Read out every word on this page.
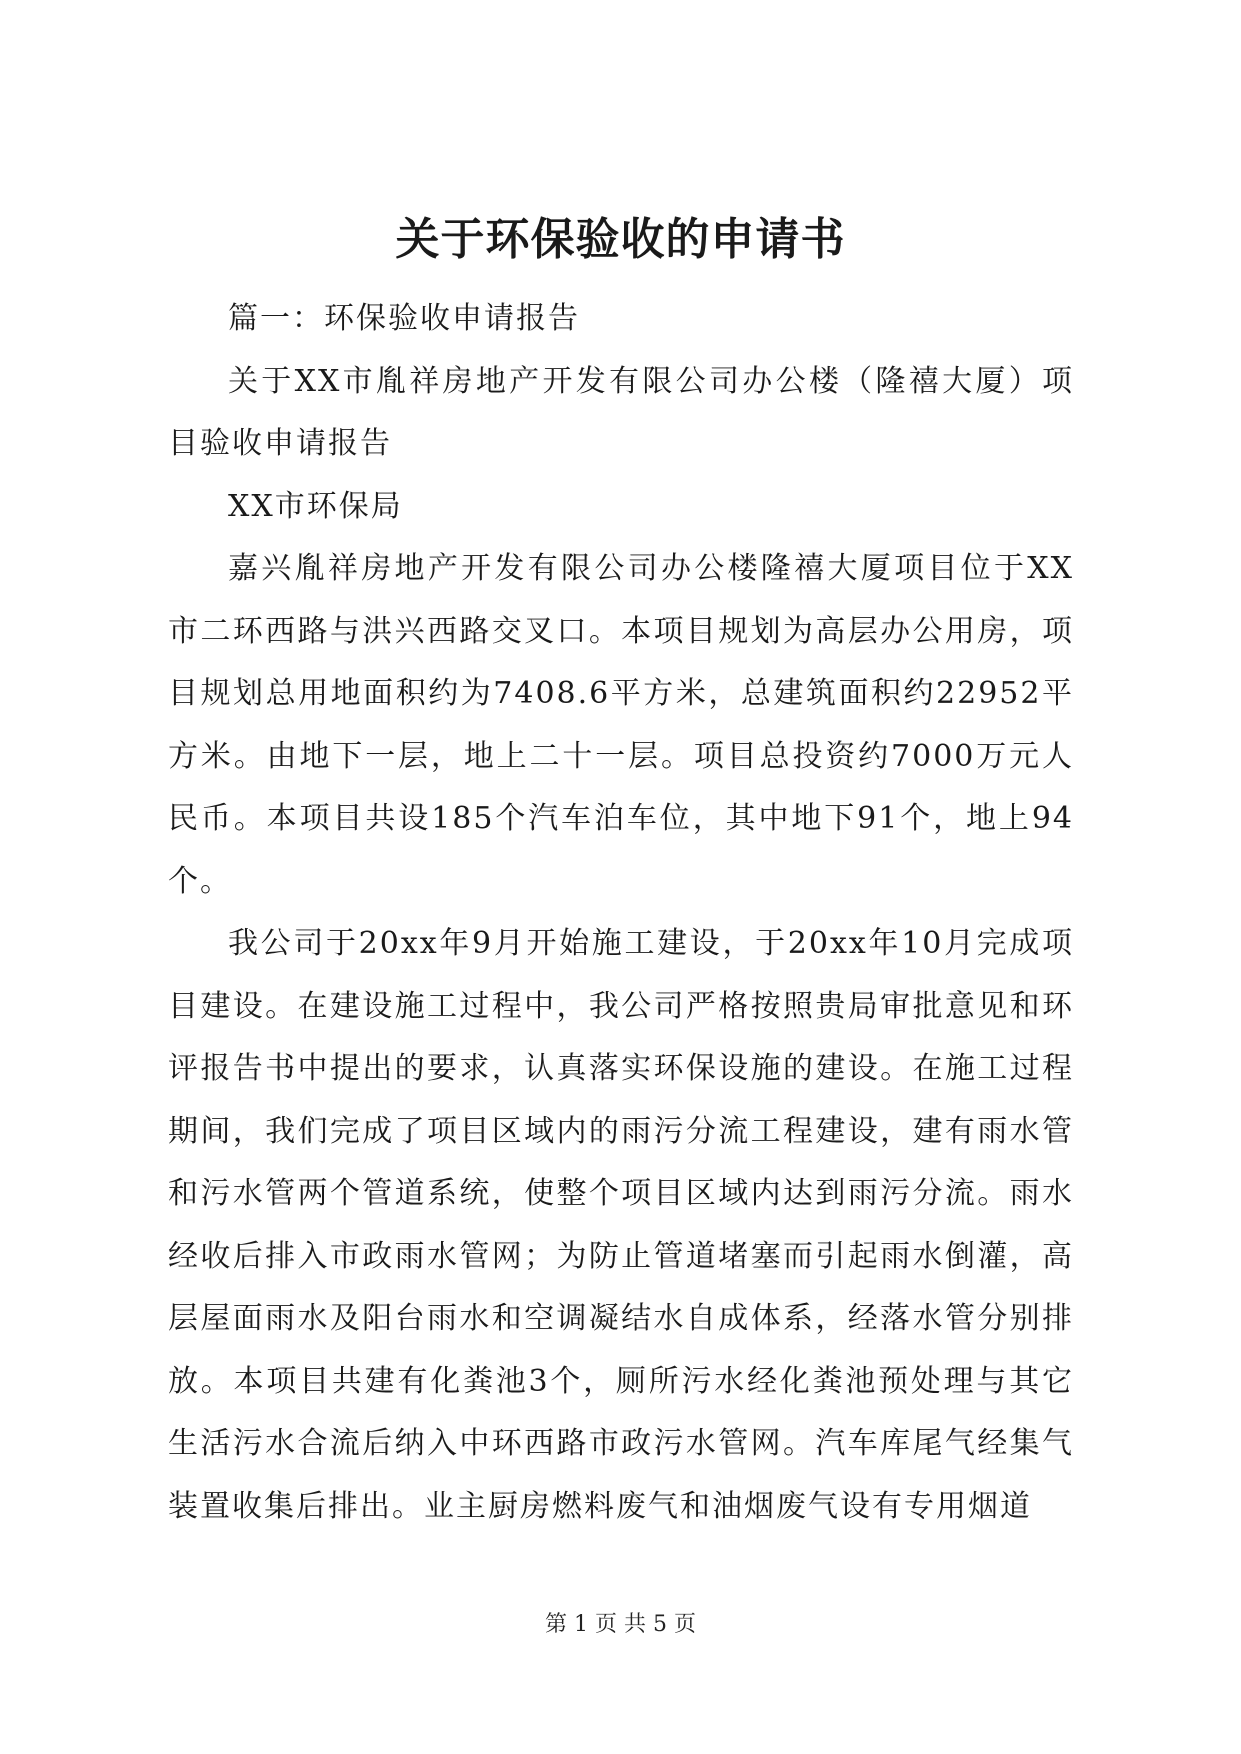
关于环保验收的申请书

篇一：环保验收申请报告

关于XX市胤祥房地产开发有限公司办公楼（隆禧大厦）项目验收申请报告

XX市环保局

嘉兴胤祥房地产开发有限公司办公楼隆禧大厦项目位于XX市二环西路与洪兴西路交叉口。本项目规划为高层办公用房，项目规划总用地面积约为7408.6平方米，总建筑面积约22952平方米。由地下一层，地上二十一层。项目总投资约7000万元人民币。本项目共设185个汽车泊车位，其中地下91个，地上94个。

我公司于20xx年9月开始施工建设，于20xx年10月完成项目建设。在建设施工过程中，我公司严格按照贵局审批意见和环评报告书中提出的要求，认真落实环保设施的建设。在施工过程期间，我们完成了项目区域内的雨污分流工程建设，建有雨水管和污水管两个管道系统，使整个项目区域内达到雨污分流。雨水经收后排入市政雨水管网；为防止管道堵塞而引起雨水倒灌，高层屋面雨水及阳台雨水和空调凝结水自成体系，经落水管分别排放。本项目共建有化粪池3个，厕所污水经化粪池预处理与其它生活污水合流后纳入中环西路市政污水管网。汽车库尾气经集气装置收集后排出。业主厨房燃料废气和油烟废气设有专用烟道

第 1 页 共 5 页
